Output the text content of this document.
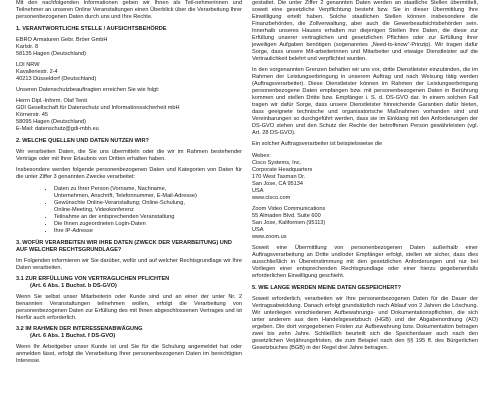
Mit den nachfolgenden Informationen geben wir Ihnen als Teil-nehmerinnen und Teilnehmer an unseren Online Veranstaltungen einen Überblick über die Verarbeitung Ihrer personenbezogenen Daten durch uns und Ihre Rechte.

1. VERANTWORTLICHE STELLE / AUFSICHTSBEHÖRDE
EBRO Armaturen Gebr. Bröer GmbH
Karlstr. 8
58135 Hagen (Deutschland)
LDI NRW
Kavalleriestr. 2-4
40213 Düsseldorf (Deutschland)

Unseren Datenschutzbeauftragten erreichen Sie wie folgt:

Herrn Dipl.-Inform. Olaf Tenti
GDI Gesellschaft für Datenschutz und Informationssicherheit mbH
Körnerstr. 45
58095 Hagen (Deutschland)
E-Mail: datenschutz@gdi-mbh.eu
2. WELCHE QUELLEN UND DATEN NUTZEN WIR?

Wir verarbeiten Daten, die Sie uns übermitteln oder die wir im Rahmen bestehender Verträge oder mit Ihrer Erlaubnis von Dritten erhalten haben.

Insbesondere werden folgende personenbezogenen Daten und Kategorien von Daten für die unter Ziffer 3 genannten Zwecke verarbeitet:

• Daten zu Ihrer Person (Vorname, Nachname,
Unternehmen, Anschrift, Telefonnummer, E-Mail-Adresse)
• Gewünschte Online-Veranstaltung; Online-Schulung,
Online-Meeting, Videokonferenz
• Teilnahme an der entsprechenden Veranstaltung
• Die Ihnen zugeordneten Login-Daten
• Ihre IP-Adresse
3. WOFÜR VERARBEITEN WIR IHRE DATEN (ZWECK DER VERARBEITUNG) UND AUF WELCHER RECHTSGRUNDLAGE?

Im Folgenden informieren wir Sie darüber, wofür und auf welcher Rechtsgrundlage wir Ihre Daten verarbeiten.

3.1 ZUR ERFÜLLUNG VON VERTRAGLICHEN PFLICHTEN
(Art. 6 Abs. 1 Buchst. b DS-GVO)

Wenn Sie selbst unser Mitarbeiterin oder Kunde sind und an einer der unter Nr. 2 benannten Veranstaltungen teilnehmen wollen, erfolgt die Verarbeitung von personenbezogenen Daten zur Erfüllung des mit Ihnen abgeschlossenen Vertrages und ist hierfür auch erforderlich.

3.2 IM RAHMEN DER INTERESSENABWÄGUNG
(Art. 6 Abs. 1 Buchst. f DS-GVO)

Wenn Ihr Arbeitgeber unser Kunde ist und Sie für die Schulung angemeldet hat oder anmelden lässt, erfolgt die Verarbeitung Ihrer personenbezogenen Daten im berechtigten Interesse.

gestattet. Die unter Ziffer 2 genannten Daten werden an staatliche Stellen übermittelt, soweit eine gesetzliche Verpflichtung besteht bzw. Sie in dieser Übermittlung Ihre Einwilligung erteilt haben. Solche staatlichen Stellen können insbesondere die Finanzbehörden, die Zollverwaltung, aber auch die Gewerbeaufsichtsbehörden sein. Innerhalb unseres Hauses erhalten nur diejenigen Stellen Ihre Daten, die diese zur Erfüllung unserer vertraglichen und gesetzlichen Pflichten oder zur Erfüllung ihrer jeweiligen Aufgaben benötigen (sogenanntes „Need-to-know“-Prinzip). Wir tragen dafür Sorge, dass unsere Mit-arbeiterinnen und Mitarbeiter und etwaige Dienstleister auf die Vertraulichkeit belehrt und verpflichtet wurden.

In den vorgenannten Grenzen behalten wir uns vor, dritte Dienstleister einzubinden, die im Rahmen der Leistungserbringung in unserem Auftrag und nach Weisung tätig werden (Auftragsverarbeiter). Diese Dienstleister können im Rahmen der Leistungserbringung personenbezogene Daten empfangen bzw. mit personenbezogenen Daten in Berührung kommen und stellen Dritte bzw. Empfänger i. S. d. DS-GVO dar. In einem solchen Fall tragen wir dafür Sorge, dass unsere Dienstleister hinreichende Garantien dafür bieten, dass geeignete technische und organisatorische Maßnahmen vorhanden sind und Vereinbarungen so durchgeführt werden, dass sie im Einklang mit den Anforderungen der DS-GVO stehen und den Schutz der Rechte der betroffenen Person gewährleisten (vgl. Art. 28 DS-GVO).

Ein solcher Auftragsverarbeiter ist beispielsweise die

Webex:
Cisco Systems, Inc.
Corporate Headquarters
170 West Tasman Dr.
San Jose, CA 95134
USA
www.cisco.com
Zoom Video Communications
55 Almaden Blvd. Suite 600
San Jose, Kalifornien (95113)
USA
www.zoom.us

Soweit eine Übermittlung von personenbezogenen Daten außerhalb einer Auftragsverarbeitung an Dritte und/oder Empfänger erfolgt, stellen wir sicher, dass dies ausschließlich in Übereinstimmung mit den gesetzlichen Anforderungen und nur bei Vorliegen einer entsprechenden Rechtsgrundlage oder einer hierzu gegebenenfalls erforderlichen Einwilligung geschieht.

5. WIE LANGE WERDEN MEINE DATEN GESPEICHERT?

Soweit erforderlich, verarbeiten wir Ihre personenbezogenen Daten für die Dauer der Vertragsabwicklung. Danach erfolgt grundsätzlich nach Ablauf von 2 Jahren die Löschung. Wir unterliegen verschiedenen Aufbewahrungs- und Dokumentationspflichten, die sich unter anderem aus dem Handelsgesetzbuch (HGB) und der Abgabenordnung (AO) ergeben. Die dort vorgegebenen Fristen zur Aufbewahrung bzw. Dokumentation betragen zwei bis zehn Jahre. Schließlich beurteilt sich die Speicherdauer auch nach den gesetzlichen Verjährungsfristen, die zum Beispiel nach den §§ 195 ff. des Bürgerlichen Gesetzbuches (BGB) in der Regel drei Jahre betragen.
